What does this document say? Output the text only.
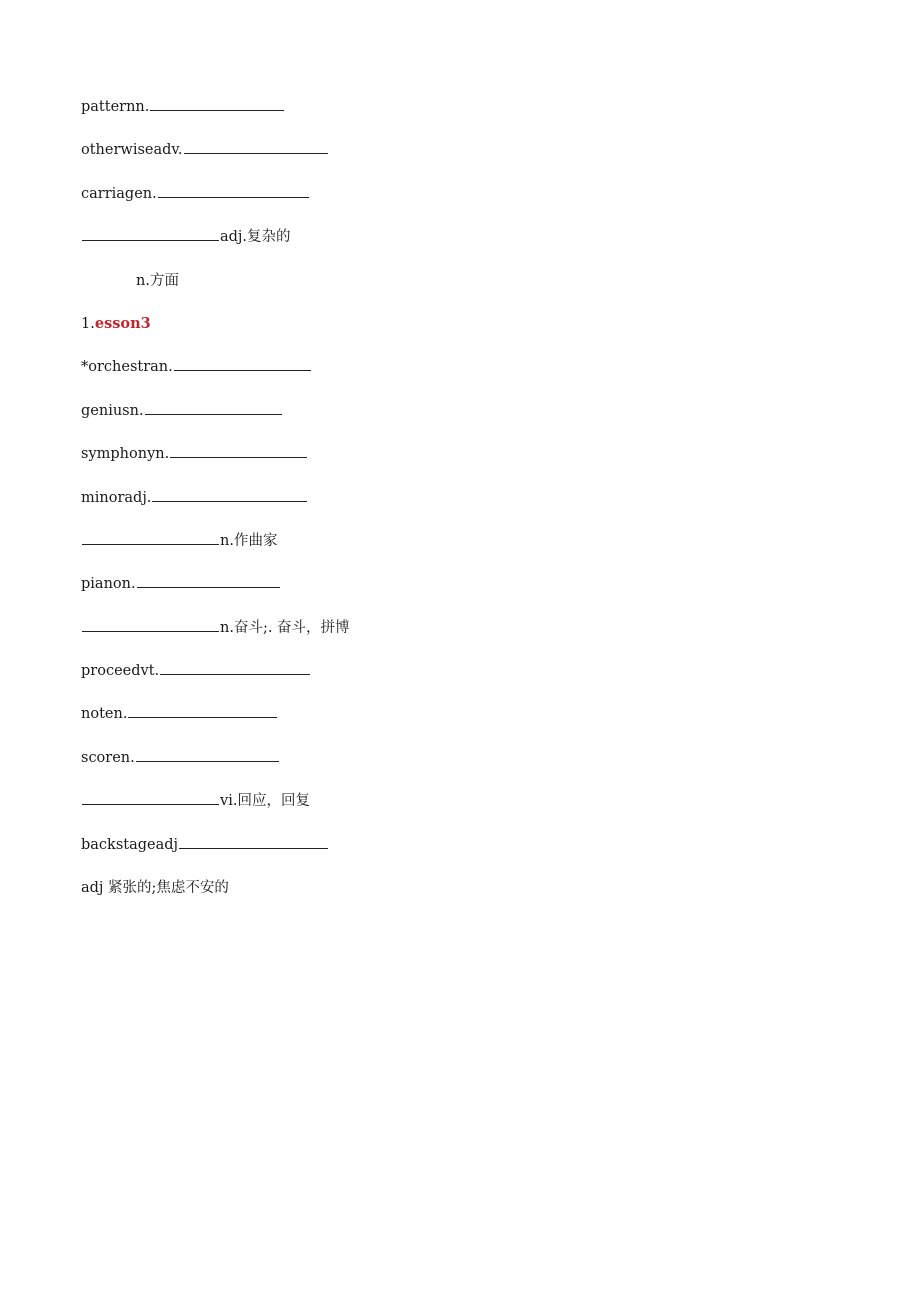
patternn.
otherwiseadv.
carriagen.
adj.复杂的
n.方面
1. esson3
*orchestran.
geniusn.
symphonyn.
minoradj.
n.作曲家
pianon.
n.奋斗;. 奋斗，拼博
proceedvt.
noten.
scoren.
vi.回应，回复
backstageadj
adj 紧张的;焦虑不安的
